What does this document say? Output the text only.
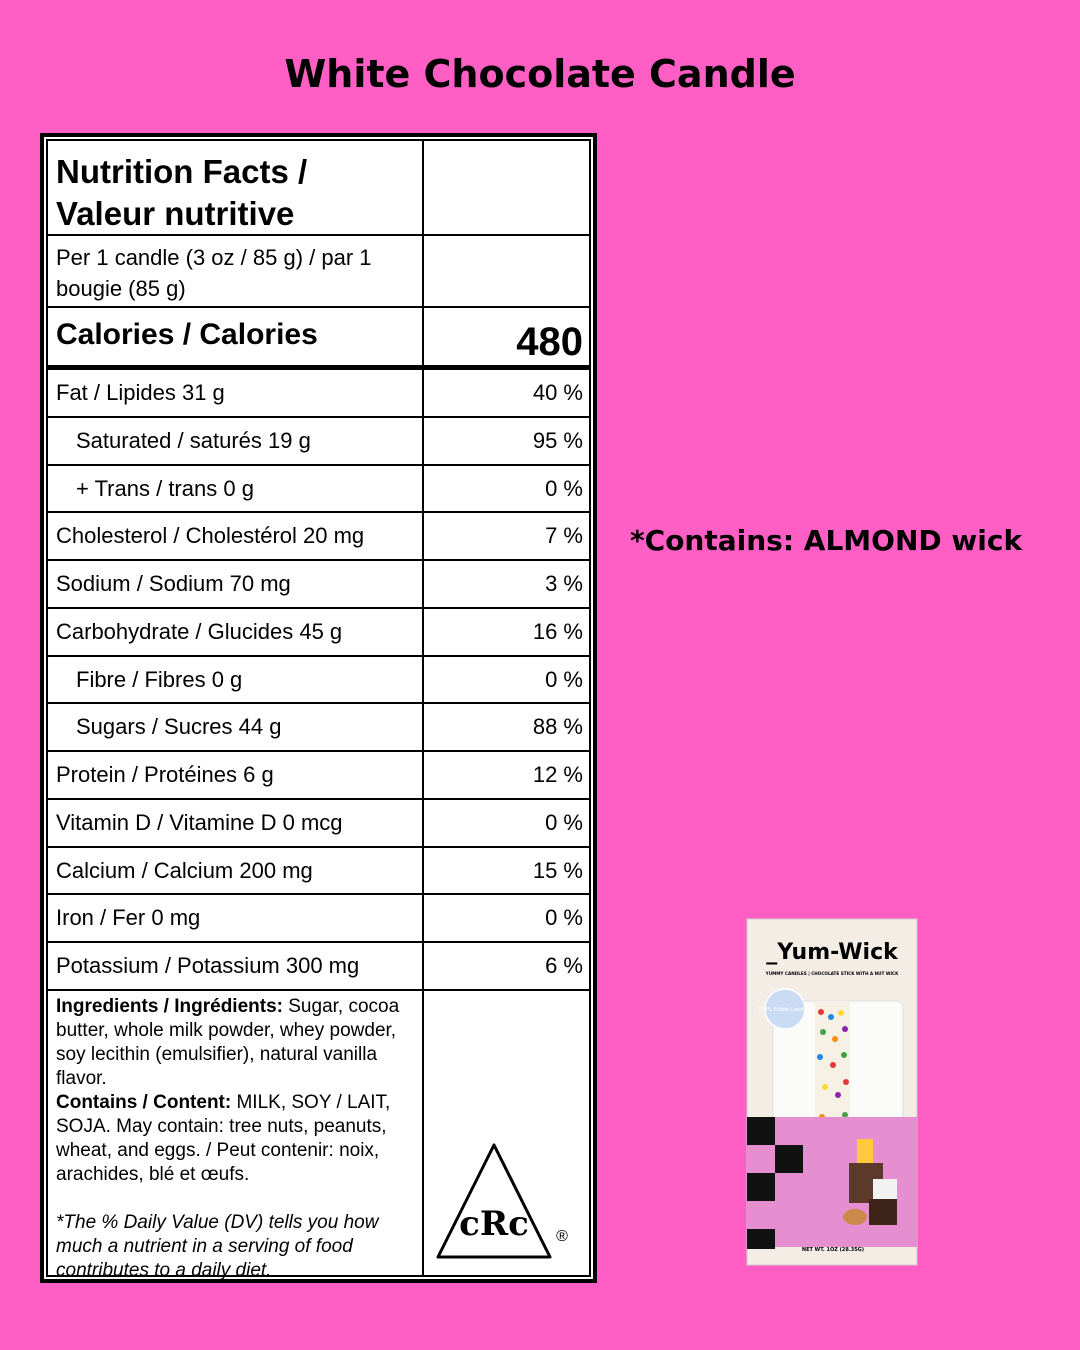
White Chocolate Candle
Nutrition Facts / Valeur nutritive
Per 1 candle (3 oz / 85 g) / par 1 bougie (85 g)
Calories / Calories	480
Fat / Lipides 31 g	40 %
Saturated / saturés 19 g	95 %
+ Trans / trans 0 g	0 %
Cholesterol / Cholestérol 20 mg	7 %
Sodium / Sodium 70 mg	3 %
Carbohydrate / Glucides 45 g	16 %
Fibre / Fibres 0 g	0 %
Sugars / Sucres 44 g	88 %
Protein / Protéines 6 g	12 %
Vitamin D / Vitamine D 0 mcg	0 %
Calcium / Calcium 200 mg	15 %
Iron / Fer 0 mg	0 %
Potassium / Potassium 300 mg	6 %
Ingredients / Ingrédients: Sugar, cocoa butter, whole milk powder, whey powder, soy lecithin (emulsifier), natural vanilla flavor.
Contains / Content: MILK, SOY / LAIT, SOJA. May contain: tree nuts, peanuts, wheat, and eggs. / Peut contenir: noix, arachides, blé et œufs.
*The % Daily Value (DV) tells you how much a nutrient in a serving of food contributes to a daily diet.
cRc ®
*Contains: ALMOND wick
_Yum-Wick
YUMMY CANDLES | CHOCOLATE STICK WITH A NUT WICK
100% Edible Candles!
NET WT. 1OZ (28.35G)
